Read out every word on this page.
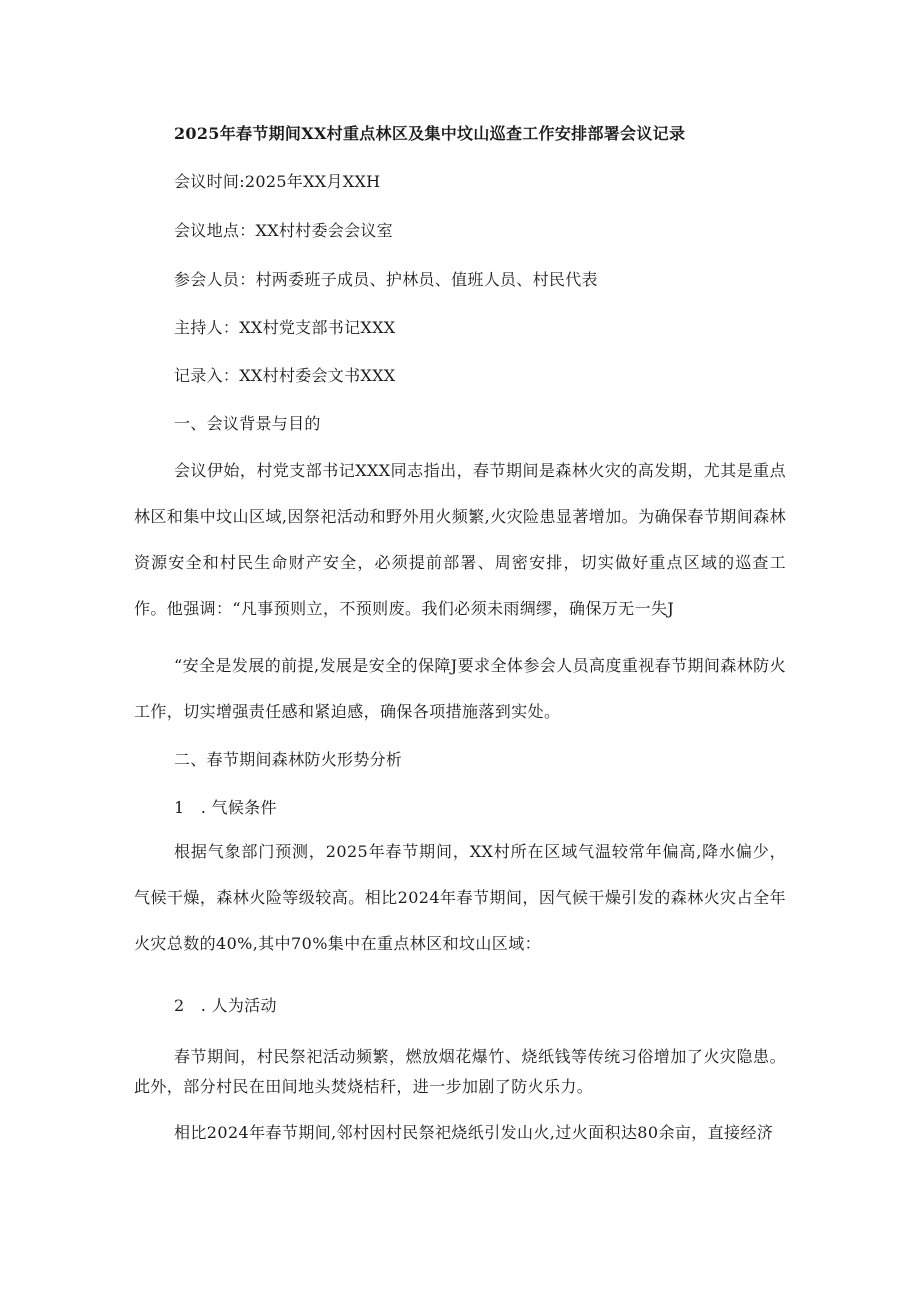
2025年春节期间XX村重点林区及集中坟山巡查工作安排部署会议记录
会议时间:2025年XX月XXH
会议地点：XX村村委会会议室
参会人员：村两委班子成员、护林员、值班人员、村民代表
主持人：XX村党支部书记XXX
记录入：XX村村委会文书XXX
一、会议背景与目的

会议伊始，村党支部书记XXX同志指出，春节期间是森林火灾的高发期，尤其是重点林区和集中坟山区域,因祭祀活动和野外用火频繁,火灾险患显著增加。为确保春节期间森林资源安全和村民生命财产安全，必须提前部署、周密安排，切实做好重点区域的巡查工作。他强调：“凡事预则立，不预则废。我们必须未雨绸缪，确保万无一失J

“安全是发展的前提,发展是安全的保障J要求全体参会人员高度重视春节期间森林防火工作，切实增强责任感和紧迫感，确保各项措施落到实处。

二、春节期间森林防火形势分析
1　. 气候条件

根据气象部门预测，2025年春节期间，XX村所在区域气温较常年偏高,降水偏少，气候干燥，森林火险等级较高。相比2024年春节期间，因气候干燥引发的森林火灾占全年火灾总数的40%,其中70%集中在重点林区和坟山区域：

2　. 人为活动

春节期间，村民祭祀活动频繁，燃放烟花爆竹、烧纸钱等传统习俗增加了火灾隐患。此外，部分村民在田间地头焚烧桔秆，进一步加剧了防火乐力。

相比2024年春节期间,邻村因村民祭祀烧纸引发山火,过火面积达80余亩，直接经济
